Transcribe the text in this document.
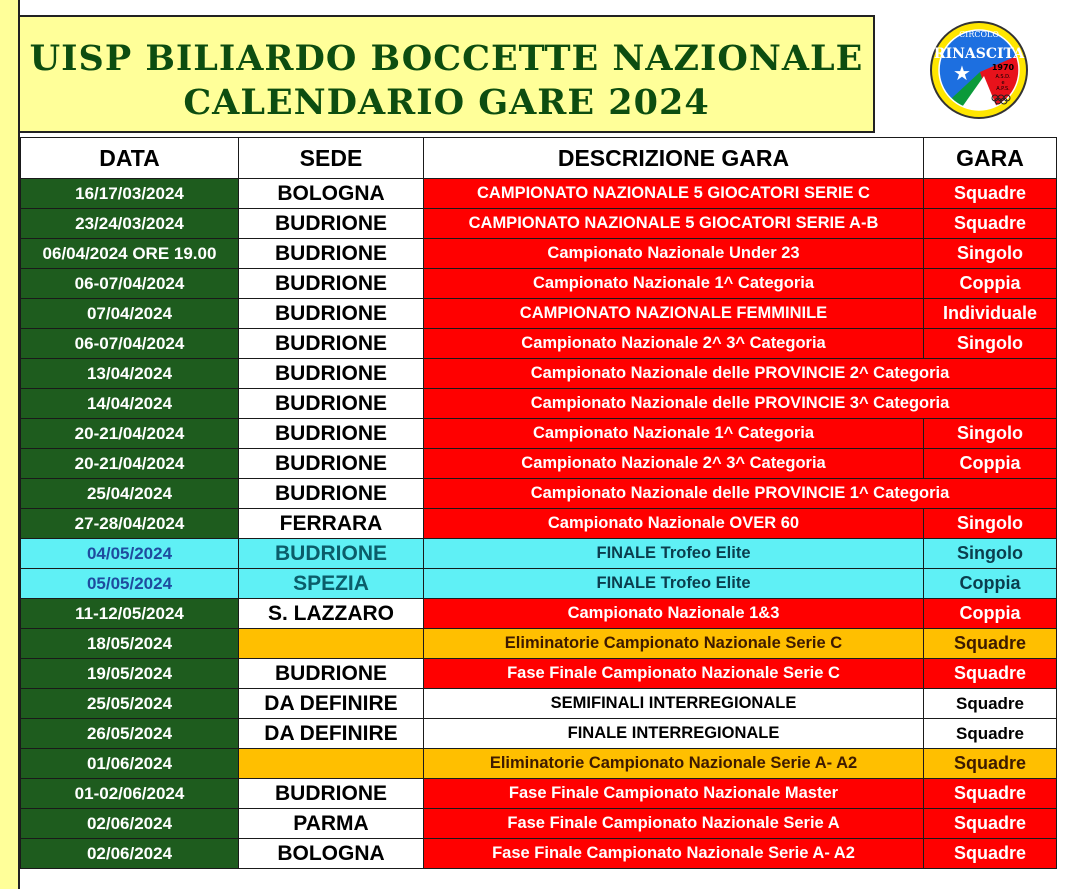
UISP BILIARDO BOCCETTE NAZIONALE
CALENDARIO GARE 2024
CIRCOLO
RINASCITA
★	1970
A.S.D.
e
A.P.S.
DATA	SEDE	DESCRIZIONE GARA	GARA
16/17/03/2024	BOLOGNA	CAMPIONATO NAZIONALE 5 GIOCATORI SERIE C	Squadre
23/24/03/2024	BUDRIONE	CAMPIONATO NAZIONALE 5 GIOCATORI SERIE A-B	Squadre
06/04/2024 ORE 19.00	BUDRIONE	Campionato Nazionale Under 23	Singolo
06-07/04/2024	BUDRIONE	Campionato Nazionale 1^ Categoria	Coppia
07/04/2024	BUDRIONE	CAMPIONATO NAZIONALE FEMMINILE	Individuale
06-07/04/2024	BUDRIONE	Campionato Nazionale 2^ 3^ Categoria	Singolo
13/04/2024	BUDRIONE	Campionato Nazionale delle PROVINCIE 2^ Categoria	
14/04/2024	BUDRIONE	Campionato Nazionale delle PROVINCIE 3^ Categoria	
20-21/04/2024	BUDRIONE	Campionato Nazionale 1^ Categoria	Singolo
20-21/04/2024	BUDRIONE	Campionato Nazionale 2^ 3^ Categoria	Coppia
25/04/2024	BUDRIONE	Campionato Nazionale delle PROVINCIE 1^ Categoria	
27-28/04/2024	FERRARA	Campionato Nazionale OVER 60	Singolo
04/05/2024	BUDRIONE	FINALE Trofeo Elite	Singolo
05/05/2024	SPEZIA	FINALE Trofeo Elite	Coppia
11-12/05/2024	S. LAZZARO	Campionato Nazionale 1&3	Coppia
18/05/2024		Eliminatorie Campionato Nazionale Serie C	Squadre
19/05/2024	BUDRIONE	Fase Finale Campionato Nazionale Serie C	Squadre
25/05/2024	DA DEFINIRE	SEMIFINALI INTERREGIONALE	Squadre
26/05/2024	DA DEFINIRE	FINALE INTERREGIONALE	Squadre
01/06/2024		Eliminatorie Campionato Nazionale Serie A- A2	Squadre
01-02/06/2024	BUDRIONE	Fase Finale Campionato Nazionale Master	Squadre
02/06/2024	PARMA	Fase Finale Campionato Nazionale Serie A	Squadre
02/06/2024	BOLOGNA	Fase Finale Campionato Nazionale Serie A- A2	Squadre
